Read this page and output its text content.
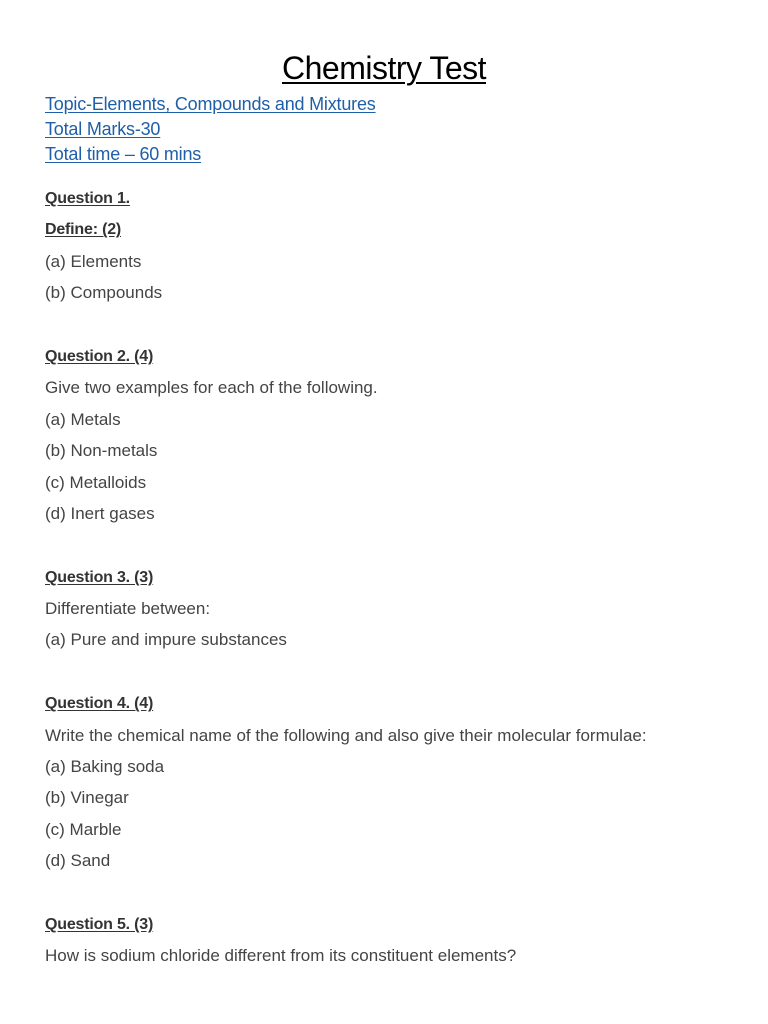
Chemistry Test
Topic-Elements, Compounds and Mixtures
Total Marks-30
Total time – 60 mins
Question 1.
Define: (2)
(a) Elements
(b) Compounds
Question 2. (4)
Give two examples for each of the following.
(a) Metals
(b) Non-metals
(c) Metalloids
(d) Inert gases
Question 3. (3)
Differentiate between:
(a) Pure and impure substances
Question 4. (4)
Write the chemical name of the following and also give their molecular formulae:
(a) Baking soda
(b) Vinegar
(c) Marble
(d) Sand
Question 5. (3)
How is sodium chloride different from its constituent elements?
